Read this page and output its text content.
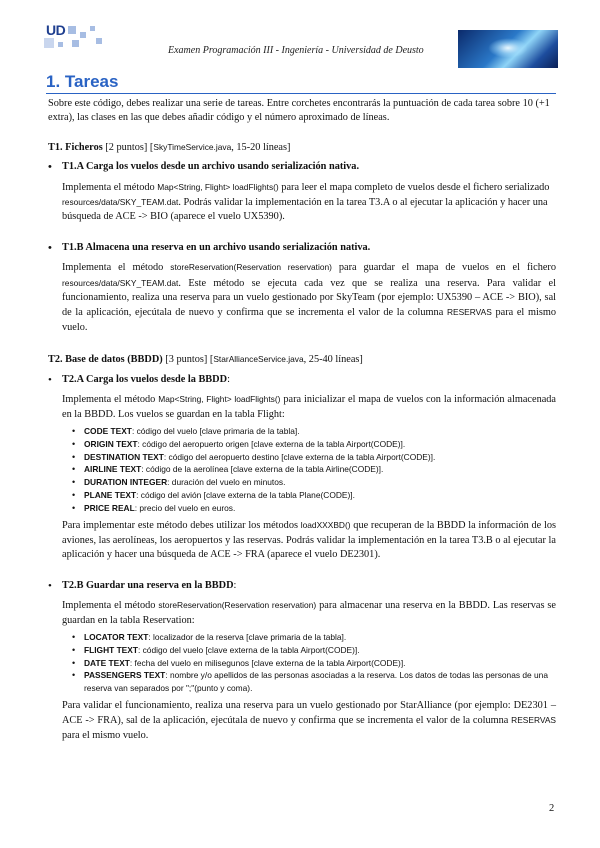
UD
Examen Programación III - Ingeniería - Universidad de Deusto
1. Tareas

Sobre este código, debes realizar una serie de tareas. Entre corchetes encontrarás la puntuación de cada tarea sobre 10 (+1 extra), las clases en las que debes añadir código y el número aproximado de líneas.

T1. Ficheros [2 puntos] [SkyTimeService.java, 15-20 líneas]

• T1.A Carga los vuelos desde un archivo usando serialización nativa.

Implementa el método Map<String, Flight> loadFlights() para leer el mapa completo de vuelos desde el fichero serializado resources/data/SKY_TEAM.dat. Podrás validar la implementación en la tarea T3.A o al ejecutar la aplicación y hacer una búsqueda de ACE -> BIO (aparece el vuelo UX5390).

• T1.B Almacena una reserva en un archivo usando serialización nativa.

Implementa el método storeReservation(Reservation reservation) para guardar el mapa de vuelos en el fichero resources/data/SKY_TEAM.dat. Este método se ejecuta cada vez que se realiza una reserva. Para validar el funcionamiento, realiza una reserva para un vuelo gestionado por SkyTeam (por ejemplo: UX5390 – ACE -> BIO), sal de la aplicación, ejecútala de nuevo y confirma que se incrementa el valor de la columna RESERVAS para el mismo vuelo.

T2. Base de datos (BBDD) [3 puntos] [StarAllianceService.java, 25-40 líneas]

• T2.A Carga los vuelos desde la BBDD:

Implementa el método Map<String, Flight> loadFlights() para inicializar el mapa de vuelos con la información almacenada en la BBDD. Los vuelos se guardan en la tabla Flight:

• CODE TEXT: código del vuelo [clave primaria de la tabla].
• ORIGIN TEXT: código del aeropuerto origen [clave externa de la tabla Airport(CODE)].
• DESTINATION TEXT: código del aeropuerto destino [clave externa de la tabla Airport(CODE)].
• AIRLINE TEXT: código de la aerolínea [clave externa de la tabla Airline(CODE)].
• DURATION INTEGER: duración del vuelo en minutos.
• PLANE TEXT: código del avión [clave externa de la tabla Plane(CODE)].
• PRICE REAL: precio del vuelo en euros.

Para implementar este método debes utilizar los métodos loadXXXBD() que recuperan de la BBDD la información de los aviones, las aerolíneas, los aeropuertos y las reservas. Podrás validar la implementación en la tarea T3.B o al ejecutar la aplicación y hacer una búsqueda de ACE -> FRA (aparece el vuelo DE2301).

• T2.B Guardar una reserva en la BBDD:

Implementa el método storeReservation(Reservation reservation) para almacenar una reserva en la BBDD. Las reservas se guardan en la tabla Reservation:

• LOCATOR TEXT: localizador de la reserva [clave primaria de la tabla].
• FLIGHT TEXT: código del vuelo [clave externa de la tabla Airport(CODE)].
• DATE TEXT: fecha del vuelo en milisegunos [clave externa de la tabla Airport(CODE)].
• PASSENGERS TEXT: nombre y/o apellidos de las personas asociadas a la reserva. Los datos de todas las personas de una reserva van separados por ";"(punto y coma).

Para validar el funcionamiento, realiza una reserva para un vuelo gestionado por StarAlliance (por ejemplo: DE2301 – ACE -> FRA), sal de la aplicación, ejecútala de nuevo y confirma que se incrementa el valor de la columna RESERVAS para el mismo vuelo.

2
